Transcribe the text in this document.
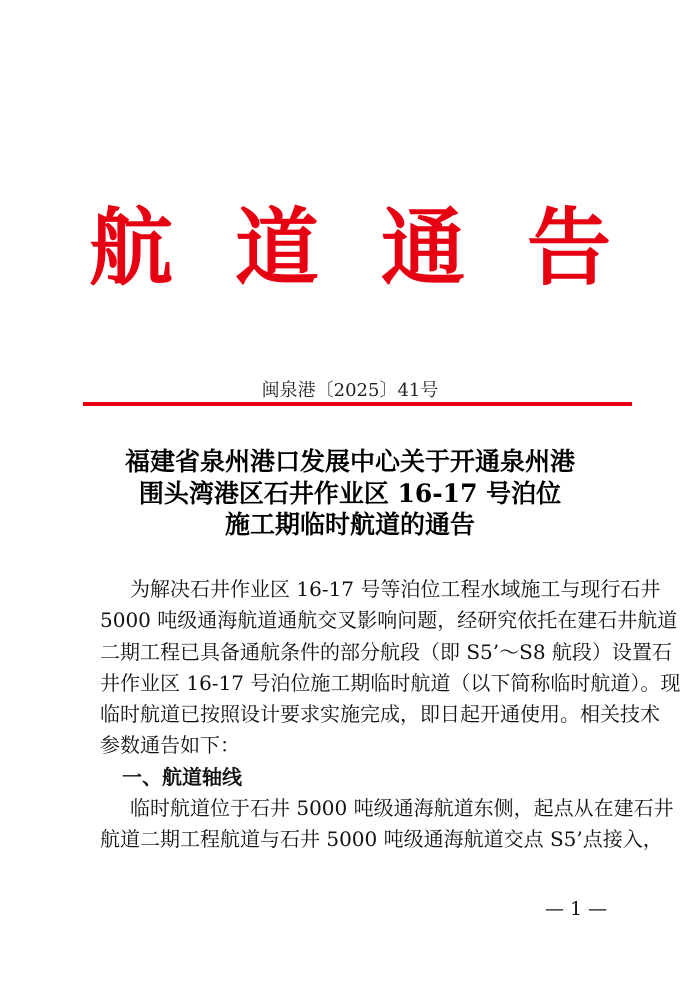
航 道 通 告
闽泉港〔2025〕41号
福建省泉州港口发展中心关于开通泉州港
围头湾港区石井作业区 16-17 号泊位
施工期临时航道的通告
为解决石井作业区 16-17 号等泊位工程水域施工与现行石井
5000 吨级通海航道通航交叉影响问题，经研究依托在建石井航道
二期工程已具备通航条件的部分航段（即 S5’～S8 航段）设置石
井作业区 16-17 号泊位施工期临时航道（以下简称临时航道）。现
临时航道已按照设计要求实施完成，即日起开通使用。相关技术
参数通告如下：
一、航道轴线
临时航道位于石井 5000 吨级通海航道东侧，起点从在建石井
航道二期工程航道与石井 5000 吨级通海航道交点 S5’点接入，
— 1 —
